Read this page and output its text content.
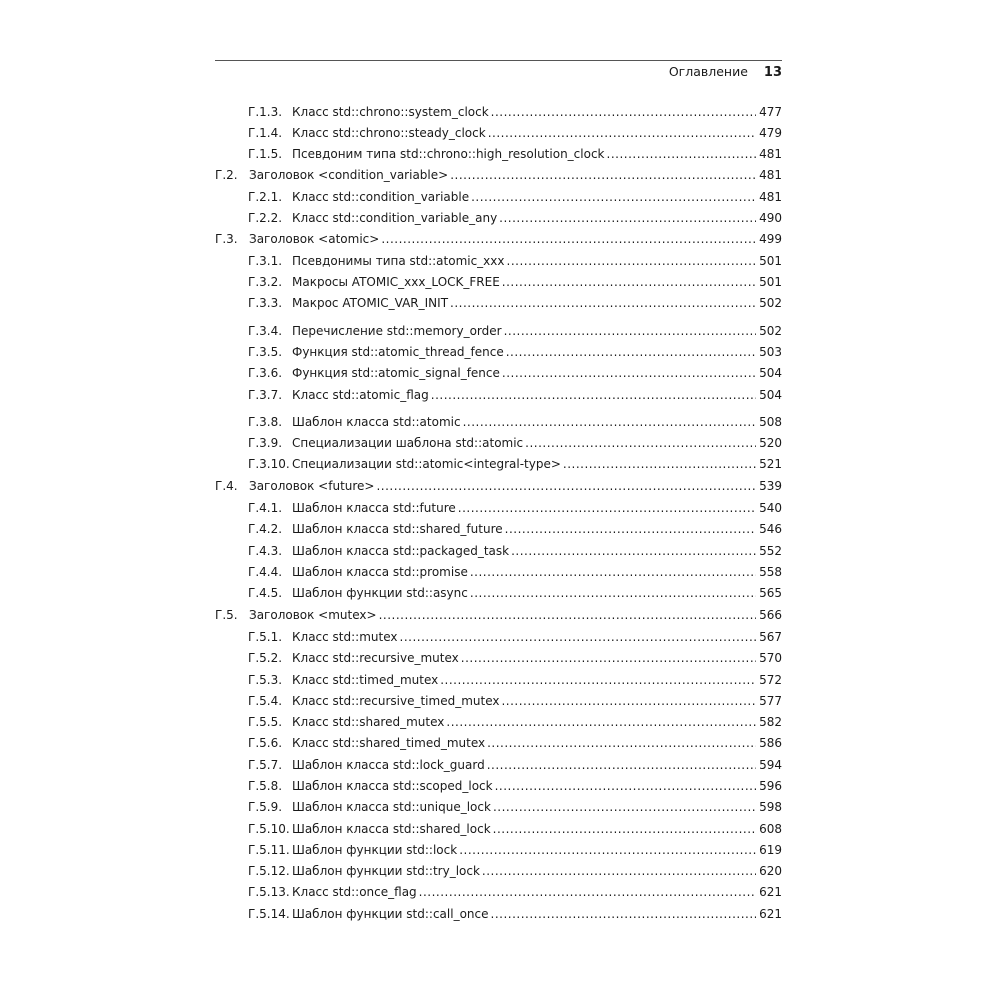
Оглавление 13
Г.1.3. Класс std::chrono::system_clock .....	477
Г.1.4. Класс std::chrono::steady_clock .....	479
Г.1.5. Псевдоним типа std::chrono::high_resolution_clock .....	481
Г.2. Заголовок <condition_variable> .....	481
Г.2.1. Класс std::condition_variable .....	481
Г.2.2. Класс std::condition_variable_any .....	490
Г.3. Заголовок <atomic> .....	499
Г.3.1. Псевдонимы типа std::atomic_xxx .....	501
Г.3.2. Макросы ATOMIC_xxx_LOCK_FREE .....	501
Г.3.3. Макрос ATOMIC_VAR_INIT .....	502
Г.3.4. Перечисление std::memory_order .....	502
Г.3.5. Функция std::atomic_thread_fence .....	503
Г.3.6. Функция std::atomic_signal_fence .....	504
Г.3.7. Класс std::atomic_flag .....	504
Г.3.8. Шаблон класса std::atomic .....	508
Г.3.9. Специализации шаблона std::atomic .....	520
Г.3.10. Специализации std::atomic<integral-type> .....	521
Г.4. Заголовок <future> .....	539
Г.4.1. Шаблон класса std::future .....	540
Г.4.2. Шаблон класса std::shared_future .....	546
Г.4.3. Шаблон класса std::packaged_task .....	552
Г.4.4. Шаблон класса std::promise .....	558
Г.4.5. Шаблон функции std::async .....	565
Г.5. Заголовок <mutex> .....	566
Г.5.1. Класс std::mutex .....	567
Г.5.2. Класс std::recursive_mutex .....	570
Г.5.3. Класс std::timed_mutex .....	572
Г.5.4. Класс std::recursive_timed_mutex .....	577
Г.5.5. Класс std::shared_mutex .....	582
Г.5.6. Класс std::shared_timed_mutex .....	586
Г.5.7. Шаблон класса std::lock_guard .....	594
Г.5.8. Шаблон класса std::scoped_lock .....	596
Г.5.9. Шаблон класса std::unique_lock .....	598
Г.5.10. Шаблон класса std::shared_lock .....	608
Г.5.11. Шаблон функции std::lock .....	619
Г.5.12. Шаблон функции std::try_lock .....	620
Г.5.13. Класс std::once_flag .....	621
Г.5.14. Шаблон функции std::call_once .....	621
